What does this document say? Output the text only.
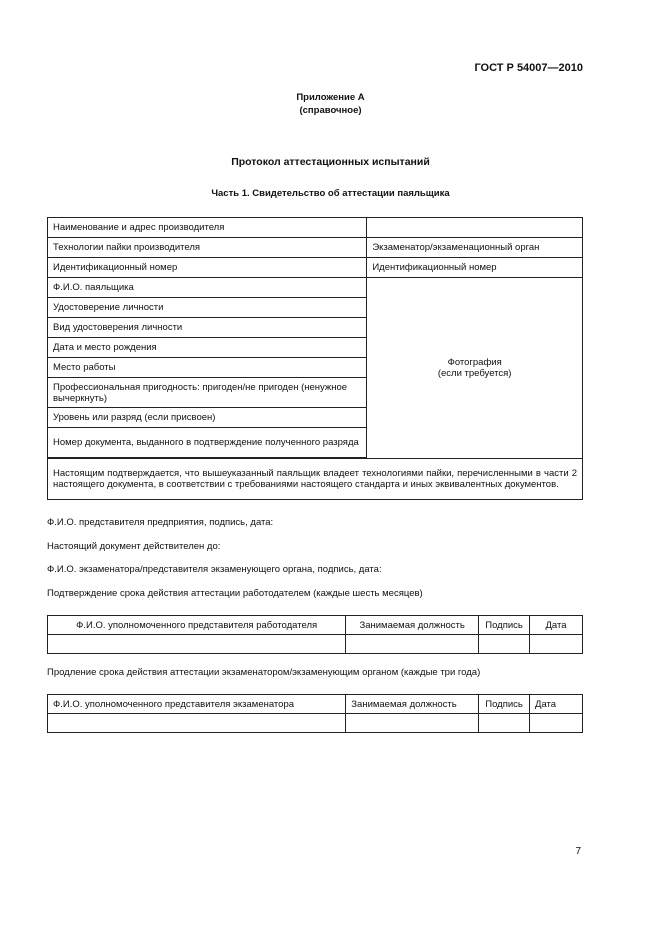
ГОСТ Р 54007—2010
Приложение А
(справочное)
Протокол аттестационных испытаний
Часть 1. Свидетельство об аттестации паяльщика
Наименование и адрес производителя	
Технологии пайки производителя	Экзаменатор/экзаменационный орган
Идентификационный номер	Идентификационный номер
Ф.И.О. паяльщика	Фотография
(если требуется)

Удостоверение личности	
Вид удостоверения личности	
Дата и место рождения	
Место работы	
Профессиональная пригодность: пригоден/не пригоден (ненужное вычеркнуть)	
Уровень или разряд (если присвоен)	
Номер документа, выданного в подтверждение полученного разряда	

Настоящим подтверждается, что вышеуказанный паяльщик владеет технологиями пайки, перечисленными в части 2 настоящего документа, в соответствии с требованиями настоящего стандарта и иных эквивалентных документов.	
Ф.И.О. представителя предприятия, подпись, дата:
Настоящий документ действителен до:
Ф.И.О. экзаменатора/представителя экзаменующего органа, подпись, дата:
Подтверждение срока действия аттестации работодателем (каждые шесть месяцев)
Ф.И.О. уполномоченного представителя работодателя	Занимаемая должность	Подпись	Дата

Продление срока действия аттестации экзаменатором/экзаменующим органом (каждые три года)
Ф.И.О. уполномоченного представителя экзаменатора	Занимаемая должность	Подпись	Дата

7
